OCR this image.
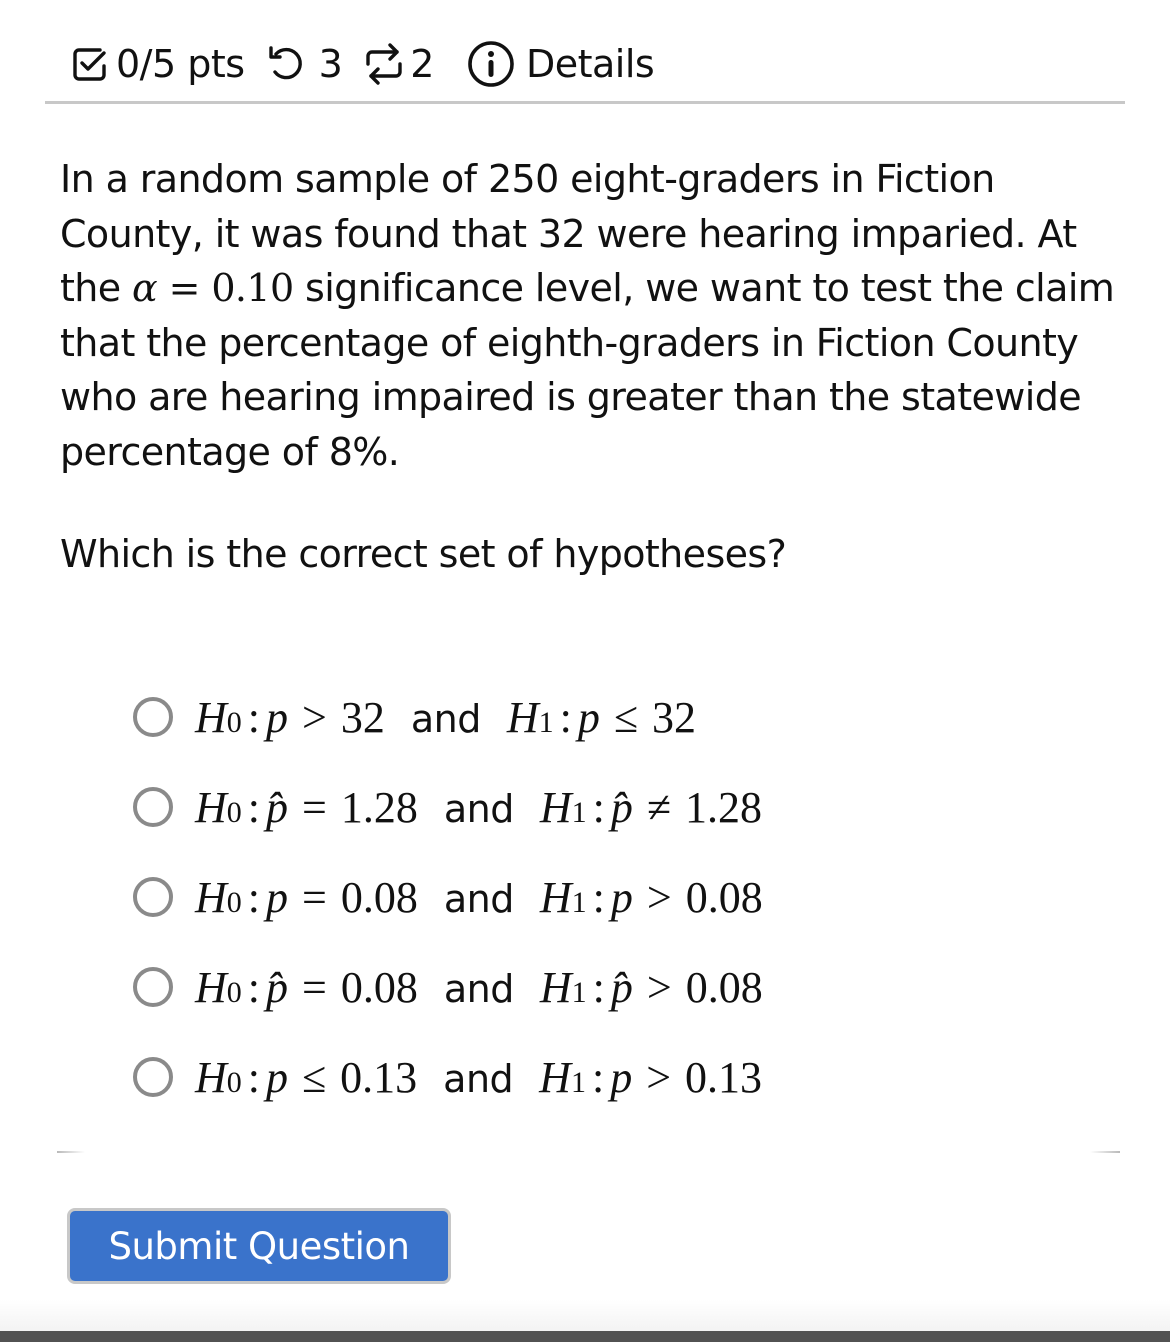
0/5 pts 3 2 Details
In a random sample of 250 eight-graders in Fiction County, it was found that 32 were hearing imparied. At the α = 0.10 significance level, we want to test the claim that the percentage of eighth-graders in Fiction County who are hearing impaired is greater than the statewide percentage of 8%.
Which is the correct set of hypotheses?
H 0 : p > 32 and H 1 : p ≤ 32
H 0 : p̂ = 1.28 and H 1 : p̂ ≠ 1.28
H 0 : p = 0.08 and H 1 : p > 0.08
H 0 : p̂ = 0.08 and H 1 : p̂ > 0.08
H 0 : p ≤ 0.13 and H 1 : p > 0.13
Submit Question
